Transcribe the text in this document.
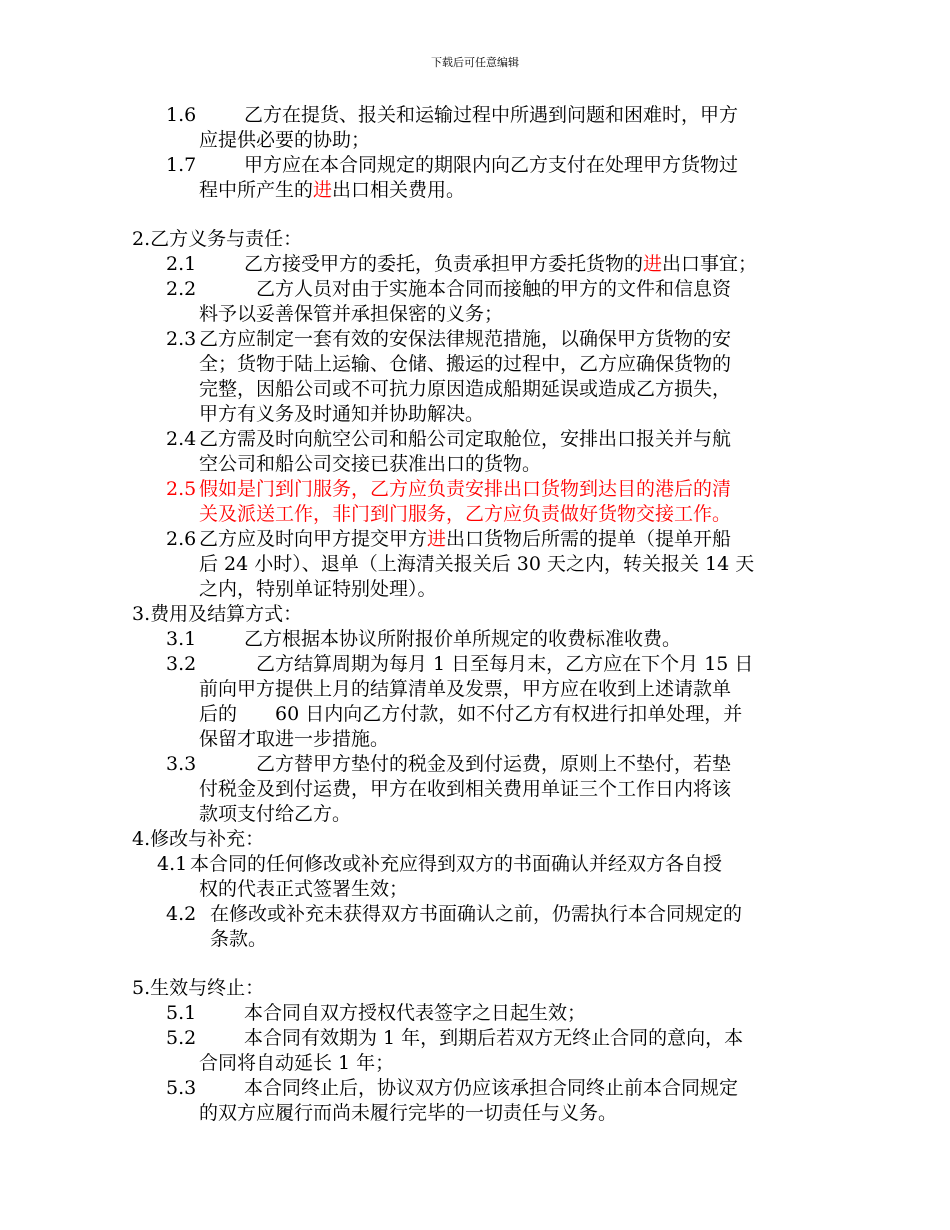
下载后可任意编辑
1.6	乙方在提货、报关和运输过程中所遇到问题和困难时，甲方
应提供必要的协助；
1.7	甲方应在本合同规定的期限内向乙方支付在处理甲方货物过
程中所产生的进出口相关费用。
2.乙方义务与责任：
2.1	乙方接受甲方的委托，负责承担甲方委托货物的进出口事宜；
2.2	乙方人员对由于实施本合同而接触的甲方的文件和信息资
料予以妥善保管并承担保密的义务；
2.3 乙方应制定一套有效的安保法律规范措施，以确保甲方货物的安
全；货物于陆上运输、仓储、搬运的过程中，乙方应确保货物的
完整，因船公司或不可抗力原因造成船期延误或造成乙方损失，
甲方有义务及时通知并协助解决。
2.4 乙方需及时向航空公司和船公司定取舱位，安排出口报关并与航
空公司和船公司交接已获准出口的货物。
2.5 假如是门到门服务，乙方应负责安排出口货物到达目的港后的清
关及派送工作，非门到门服务，乙方应负责做好货物交接工作。
2.6 乙方应及时向甲方提交甲方进出口货物后所需的提单（提单开船
后 24 小时）、退单（上海清关报关后 30 天之内，转关报关 14 天
之内，特别单证特别处理）。
3.费用及结算方式：
3.1	乙方根据本协议所附报价单所规定的收费标准收费。
3.2	乙方结算周期为每月 1 日至每月末，乙方应在下个月 15 日
前向甲方提供上月的结算清单及发票，甲方应在收到上述请款单
后的　　60 日内向乙方付款，如不付乙方有权进行扣单处理，并
保留才取进一步措施。
3.3	乙方替甲方垫付的税金及到付运费，原则上不垫付，若垫
付税金及到付运费，甲方在收到相关费用单证三个工作日内将该
款项支付给乙方。
4.修改与补充：
4.1 本合同的任何修改或补充应得到双方的书面确认并经双方各自授
权的代表正式签署生效；
4.2 在修改或补充未获得双方书面确认之前，仍需执行本合同规定的
条款。
5.生效与终止：
5.1	本合同自双方授权代表签字之日起生效；
5.2	本合同有效期为 1 年，到期后若双方无终止合同的意向，本
合同将自动延长 1 年；
5.3	本合同终止后，协议双方仍应该承担合同终止前本合同规定
的双方应履行而尚未履行完毕的一切责任与义务。
